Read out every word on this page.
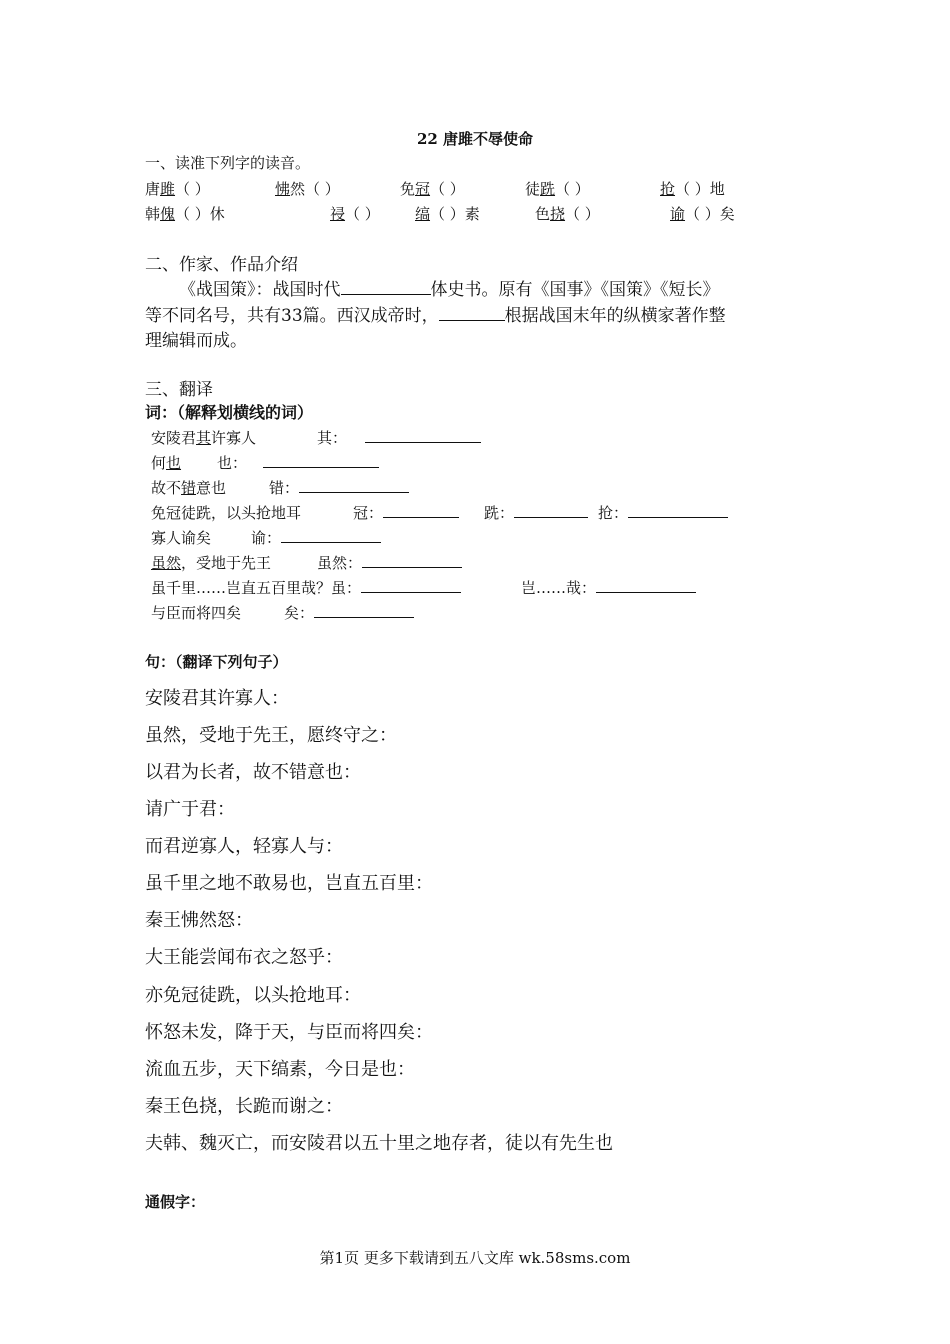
22 唐雎不辱使命
一、读准下列字的读音。
唐雎（ ）	怫然（ ）	免冠（ ）	徒跣（ ）	抢（ ）地
韩傀（ ）休	祲（ ） 缟（ ）素	色挠（ ）	谕（ ）矣
二、作家、作品介绍
《战国策》：战国时代	体史书。原有《国事》《国策》《短长》
等不同名号，共有33篇。西汉成帝时，	根据战国末年的纵横家著作整
理编辑而成。
三、翻译
词：（解释划横线的词）
安陵君其许寡人	其：
何也 也：
故不错意也	错：
免冠徒跣，以头抢地耳	冠：	跣：	抢：
寡人谕矣	谕：
虽然，受地于先王	虽然：
虽千里……岂直五百里哉？虽：	岂……哉：
与臣而将四矣	矣：
句：（翻译下列句子）
安陵君其许寡人：
虽然，受地于先王，愿终守之：
以君为长者，故不错意也：
请广于君：
而君逆寡人，轻寡人与：
虽千里之地不敢易也，岂直五百里：
秦王怫然怒：
大王能尝闻布衣之怒乎：
亦免冠徒跣，以头抢地耳：
怀怒未发，降于天，与臣而将四矣：
流血五步，天下缟素，今日是也：
秦王色挠，长跪而谢之：
夫韩、魏灭亡，而安陵君以五十里之地存者，徒以有先生也
通假字：
第1页 更多下载请到五八文库 wk.58sms.com
